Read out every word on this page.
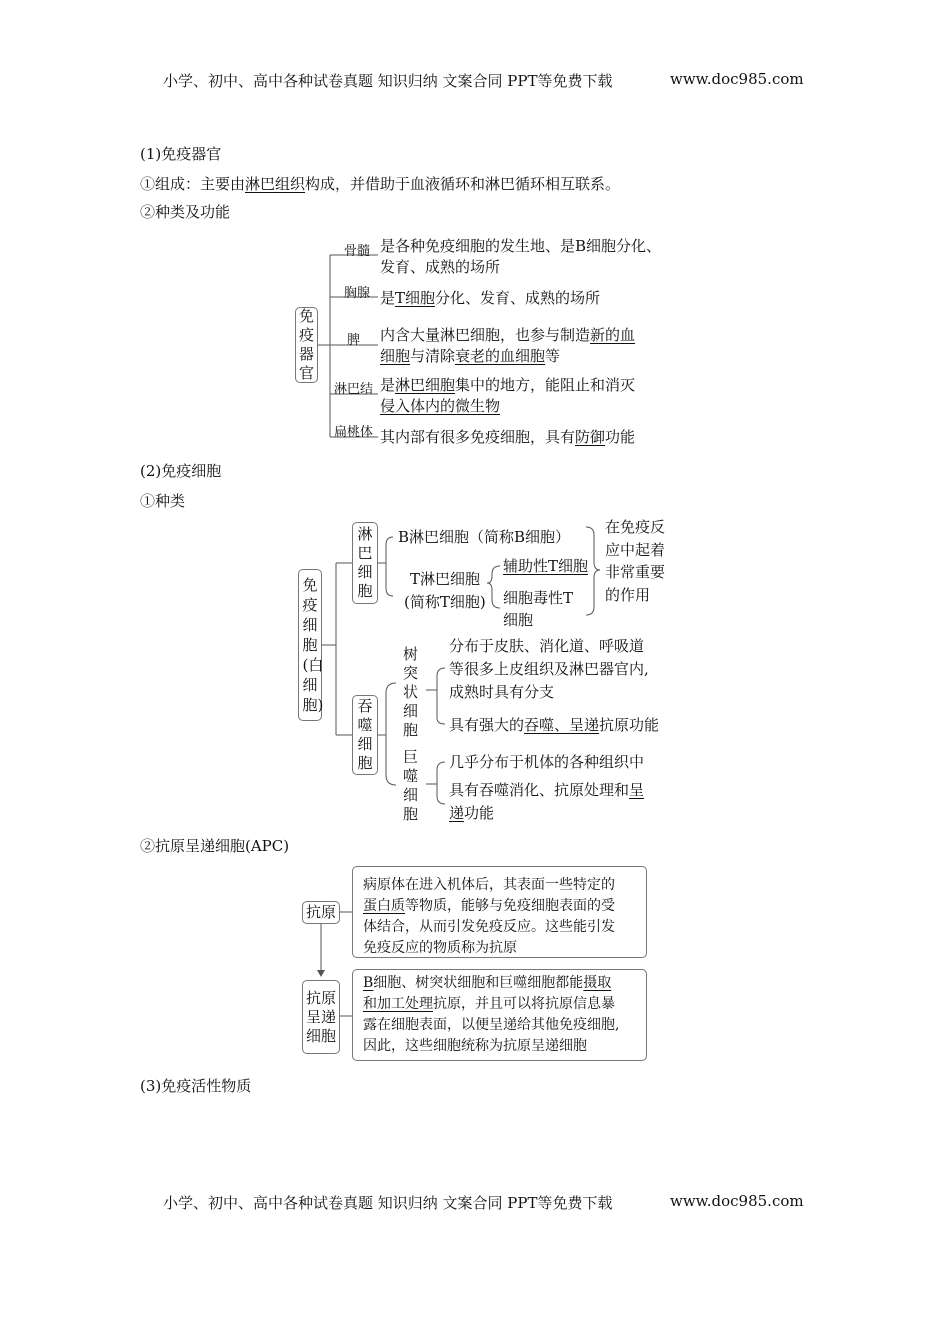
小学、初中、高中各种试卷真题 知识归纳 文案合同 PPT等免费下载	www.doc985.com
(1)免疫器官
①组成：主要由淋巴组织构成，并借助于血液循环和淋巴循环相互联系。
②种类及功能
免疫器官
骨髓
胸腺
脾
淋巴结
扁桃体
是各种免疫细胞的发生地、是B细胞分化、
发育、成熟的场所
是T细胞分化、发育、成熟的场所
内含大量淋巴细胞，也参与制造新的血
细胞与清除衰老的血细胞等
是淋巴细胞集中的地方，能阻止和消灭
侵入体内的微生物
其内部有很多免疫细胞，具有防御功能
(2)免疫细胞
①种类
免疫细胞(白细胞)
淋巴细胞
吞噬细胞
B淋巴细胞（简称B细胞）
T淋巴细胞
(简称T细胞)
辅助性T细胞
细胞毒性T
细胞
在免疫反应中起着非常重要的作用
树突状细胞
分布于皮肤、消化道、呼吸道
等很多上皮组织及淋巴器官内,
成熟时具有分支
具有强大的吞噬、呈递抗原功能
巨噬细胞
几乎分布于机体的各种组织中
具有吞噬消化、抗原处理和呈
递功能
②抗原呈递细胞(APC)
抗原
病原体在进入机体后，其表面一些特定的
蛋白质等物质，能够与免疫细胞表面的受
体结合，从而引发免疫反应。这些能引发
免疫反应的物质称为抗原
抗原呈递细胞
B细胞、树突状细胞和巨噬细胞都能摄取
和加工处理抗原，并且可以将抗原信息暴
露在细胞表面，以便呈递给其他免疫细胞,
因此，这些细胞统称为抗原呈递细胞
(3)免疫活性物质
小学、初中、高中各种试卷真题 知识归纳 文案合同 PPT等免费下载	www.doc985.com
